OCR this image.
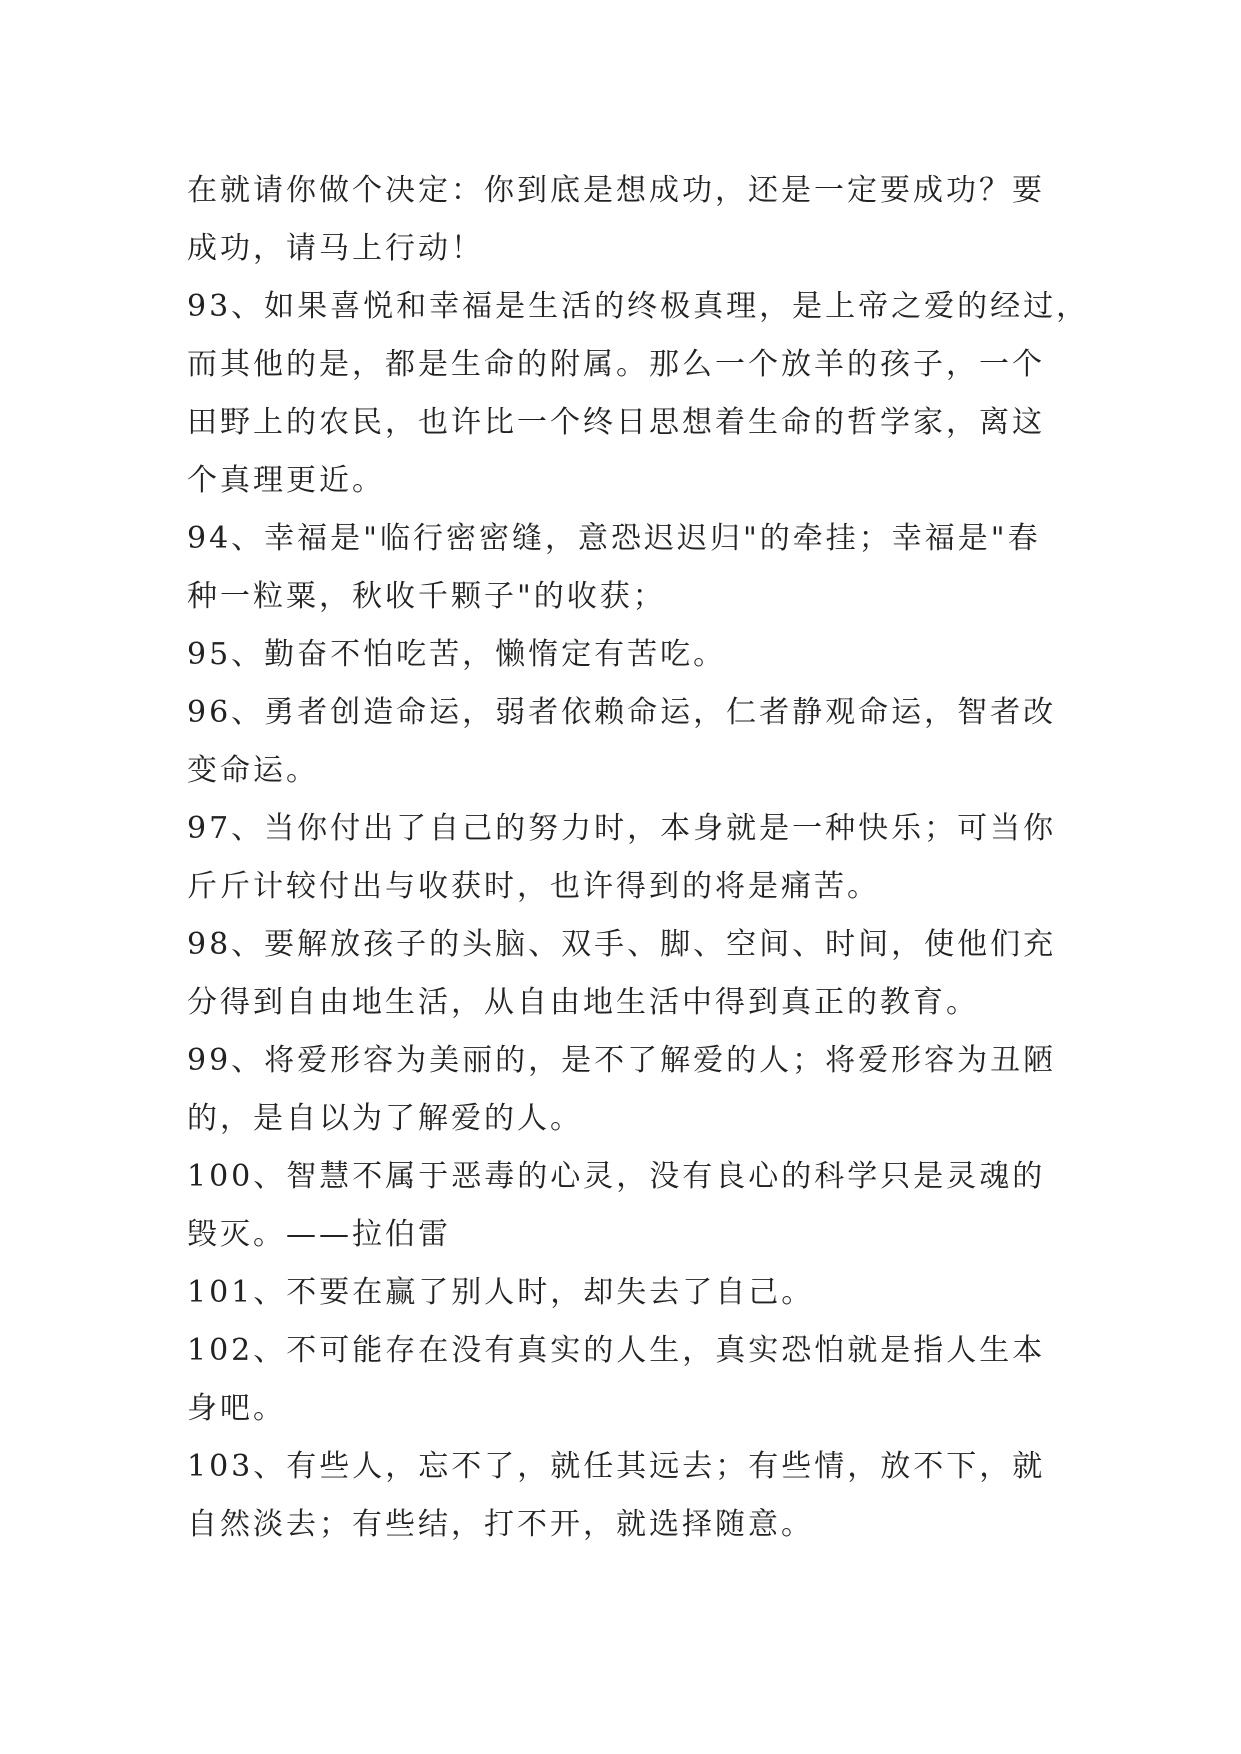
在就请你做个决定：你到底是想成功，还是一定要成功？要

成功，请马上行动！

93、如果喜悦和幸福是生活的终极真理，是上帝之爱的经过，

而其他的是，都是生命的附属。那么一个放羊的孩子，一个

田野上的农民，也许比一个终日思想着生命的哲学家，离这

个真理更近。

94、幸福是"临行密密缝，意恐迟迟归"的牵挂；幸福是"春

种一粒粟，秋收千颗子"的收获；

95、勤奋不怕吃苦，懒惰定有苦吃。

96、勇者创造命运，弱者依赖命运，仁者静观命运，智者改

变命运。

97、当你付出了自己的努力时，本身就是一种快乐；可当你

斤斤计较付出与收获时，也许得到的将是痛苦。

98、要解放孩子的头脑、双手、脚、空间、时间，使他们充

分得到自由地生活，从自由地生活中得到真正的教育。

99、将爱形容为美丽的，是不了解爱的人；将爱形容为丑陋

的，是自以为了解爱的人。

100、智慧不属于恶毒的心灵，没有良心的科学只是灵魂的

毁灭。——拉伯雷

101、不要在赢了别人时，却失去了自己。

102、不可能存在没有真实的人生，真实恐怕就是指人生本

身吧。

103、有些人，忘不了，就任其远去；有些情，放不下，就

自然淡去；有些结，打不开，就选择随意。
